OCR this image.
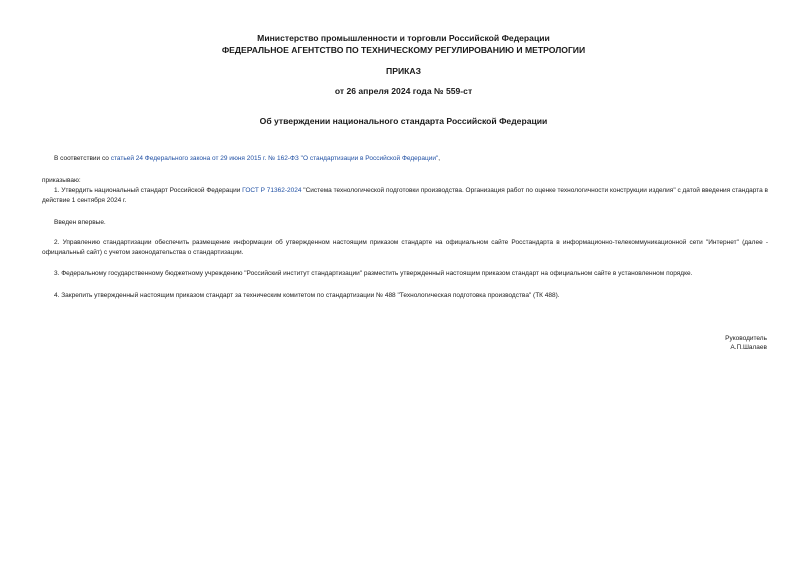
Министерство промышленности и торговли Российской Федерации
ФЕДЕРАЛЬНОЕ АГЕНТСТВО ПО ТЕХНИЧЕСКОМУ РЕГУЛИРОВАНИЮ И МЕТРОЛОГИИ
ПРИКАЗ
от 26 апреля 2024 года № 559-ст
Об утверждении национального стандарта Российской Федерации
В соответствии со статьей 24 Федерального закона от 29 июня 2015 г. № 162-ФЗ "О стандартизации в Российской Федерации",
приказываю:
1. Утвердить национальный стандарт Российской Федерации ГОСТ Р 71362-2024 "Система технологической подготовки производства. Организация работ по оценке технологичности конструкции изделия" с датой введения стандарта в действие 1 сентября 2024 г.
Введен впервые.
2. Управлению стандартизации обеспечить размещение информации об утвержденном настоящим приказом стандарте на официальном сайте Росстандарта в информационно-телекоммуникационной сети "Интернет" (далее - официальный сайт) с учетом законодательства о стандартизации.
3. Федеральному государственному бюджетному учреждению "Российский институт стандартизации" разместить утвержденный настоящим приказом стандарт на официальном сайте в установленном порядке.
4. Закрепить утвержденный настоящим приказом стандарт за техническим комитетом по стандартизации № 488 "Технологическая подготовка производства" (ТК 488).
Руководитель
А.П.Шалаев
